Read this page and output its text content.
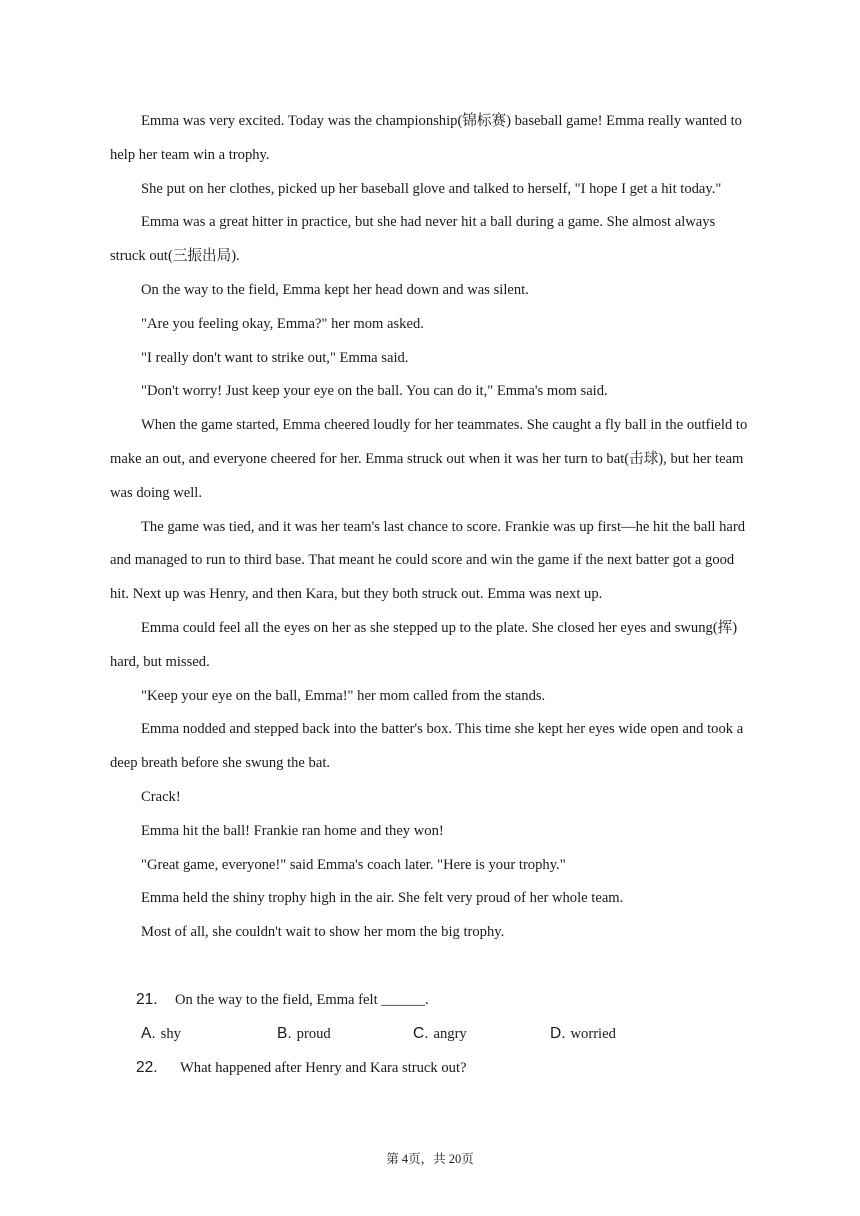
Emma was very excited. Today was the championship(锦标赛) baseball game! Emma really wanted to help her team win a trophy.

She put on her clothes, picked up her baseball glove and talked to herself, "I hope I get a hit today."

Emma was a great hitter in practice, but she had never hit a ball during a game. She almost always struck out(三振出局).

On the way to the field, Emma kept her head down and was silent.

"Are you feeling okay, Emma?" her mom asked.

"I really don't want to strike out," Emma said.

"Don't worry! Just keep your eye on the ball. You can do it," Emma's mom said.

When the game started, Emma cheered loudly for her teammates. She caught a fly ball in the outfield to make an out, and everyone cheered for her. Emma struck out when it was her turn to bat(击球), but her team was doing well.

The game was tied, and it was her team's last chance to score. Frankie was up first—he hit the ball hard and managed to run to third base. That meant he could score and win the game if the next batter got a good hit. Next up was Henry, and then Kara, but they both struck out. Emma was next up.

Emma could feel all the eyes on her as she stepped up to the plate. She closed her eyes and swung(挥) hard, but missed.

"Keep your eye on the ball, Emma!" her mom called from the stands.

Emma nodded and stepped back into the batter's box. This time she kept her eyes wide open and took a deep breath before she swung the bat.

Crack!

Emma hit the ball! Frankie ran home and they won!

"Great game, everyone!" said Emma's coach later. "Here is your trophy."

Emma held the shiny trophy high in the air. She felt very proud of her whole team.

Most of all, she couldn't wait to show her mom the big trophy.

21. On the way to the field, Emma felt ______.
A. shy	B. proud	C. angry	D. worried
22. What happened after Henry and Kara struck out?
第 4页，共 20页
